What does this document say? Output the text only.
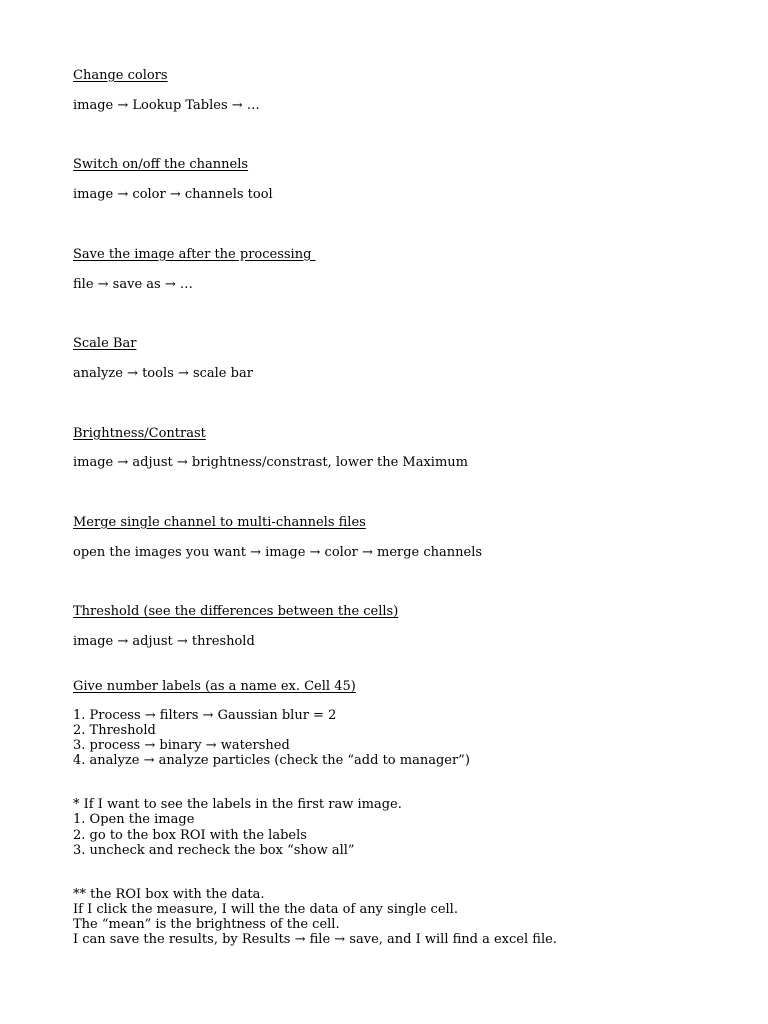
Change colors
image → Lookup Tables → …
Switch on/off the channels
image → color → channels tool
Save the image after the processing
file → save as → …
Scale Bar
analyze → tools → scale bar
Brightness/Contrast
image → adjust → brightness/constrast, lower the Maximum
Merge single channel to multi-channels files
open the images you want → image → color → merge channels
Threshold (see the differences between the cells)
image → adjust → threshold
Give number labels (as a name ex. Cell 45)
1. Process → filters → Gaussian blur = 2
2. Threshold
3. process → binary → watershed
4. analyze → analyze particles (check the “add to manager”)
* If I want to see the labels in the first raw image.
1. Open the image
2. go to the box ROI with the labels
3. uncheck and recheck the box “show all”
** the ROI box with the data.
If I click the measure, I will the the data of any single cell.
The “mean” is the brightness of the cell.
I can save the results, by Results → file → save, and I will find a excel file.
